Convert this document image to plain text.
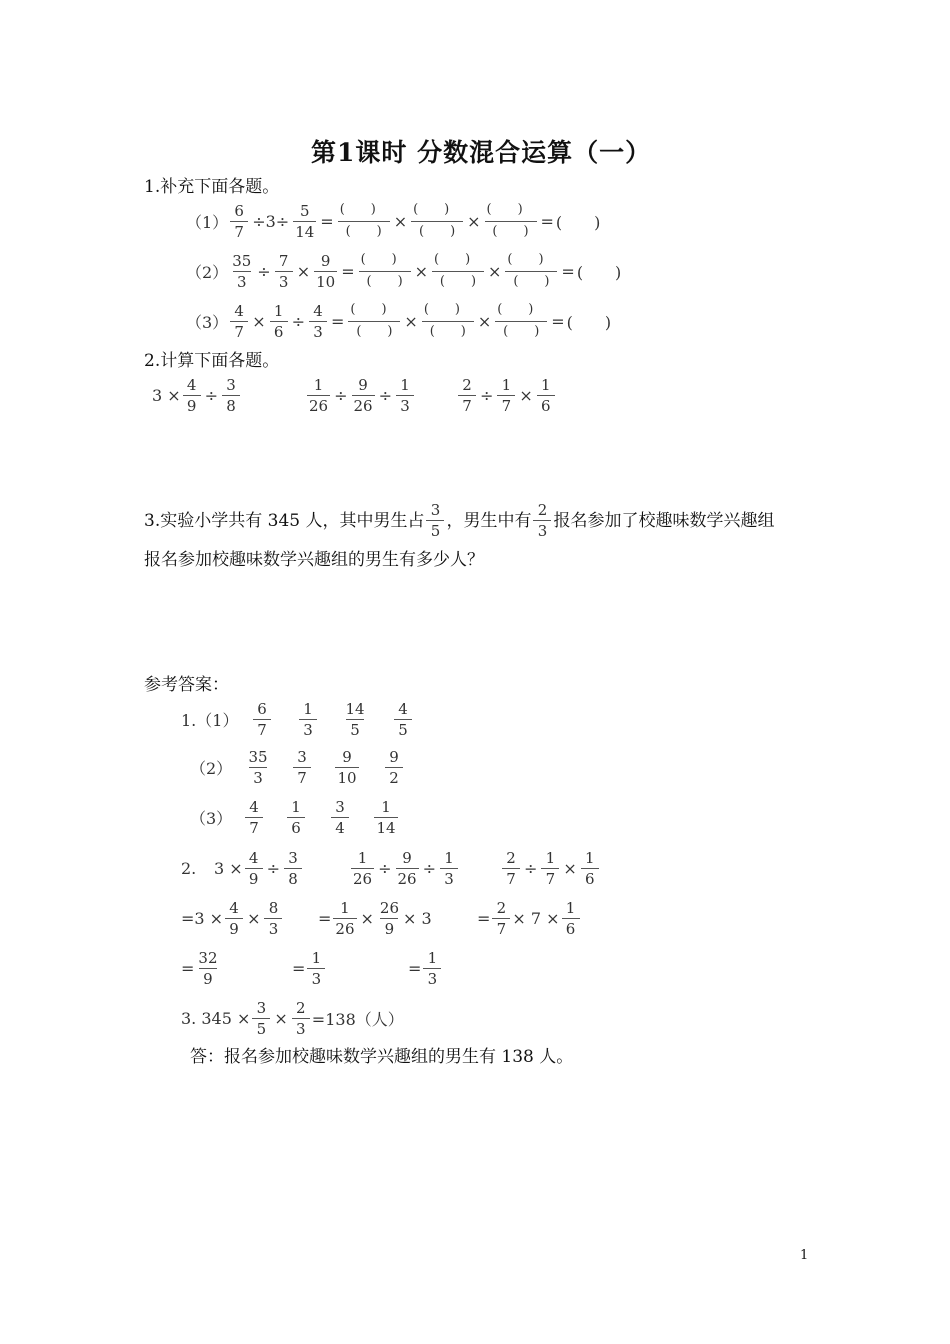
第1课时 分数混合运算（一）
1.补充下面各题。
$(1) \frac{6}{7} \div 3\div \frac{5}{14} = \frac{( )}{( )} \times \frac{( )}{( )} \times \frac{( )}{( )}$ = (　　)
$(2) \frac{35}{3} \div \frac{7}{3} \times \frac{9}{10} = \frac{( )}{( )} \times \frac{( )}{( )} \times \frac{( )}{( )}$ = (　　)
$(3) \frac{4}{7} \times \frac{1}{6} \div \frac{4}{3} = \frac{( )}{( )} \times \frac{( )}{( )} \times \frac{( )}{( )}$ = (　　)
2.计算下面各题。
$3 \times \frac{4}{9} \div \frac{3}{8}$	$\frac{1}{26} \div \frac{9}{26} \div \frac{1}{3}$	$\frac{2}{7} \div \frac{1}{7} \times \frac{1}{6}$
3.实验小学共有 345 人，其中男生占 $\frac{3}{5}$ ，男生中有 $\frac{2}{3}$ 报名参加了校趣味数学兴趣组
报名参加校趣味数学兴趣组的男生有多少人？
参考答案：
$1.(1) \frac{6}{7} \frac{1}{3} \frac{14}{5} \frac{4}{5}$
$(2) \frac{35}{3} \frac{3}{7} \frac{9}{10} \frac{9}{2}$
$(3) \frac{4}{7} \frac{1}{6} \frac{3}{4} \frac{1}{14}$
2. $3 \times \frac{4}{9} \div \frac{3}{8}$	$\frac{1}{26} \div \frac{9}{26} \div \frac{1}{3}$	$\frac{2}{7} \div \frac{1}{7} \times \frac{1}{6}$
$=3 \times \frac{4}{9} \times \frac{8}{3} = \frac{1}{26} \times \frac{26}{9} \times 3$	= $\frac{2}{7} \times 7 \times \frac{1}{6}$
= $\frac{32}{9}$	= $\frac{1}{3}$	= $\frac{1}{3}$
3. $345 \times \frac{3}{5} \times \frac{2}{3} =138$（人）
答：报名参加校趣味数学兴趣组的男生有 138 人。
1
